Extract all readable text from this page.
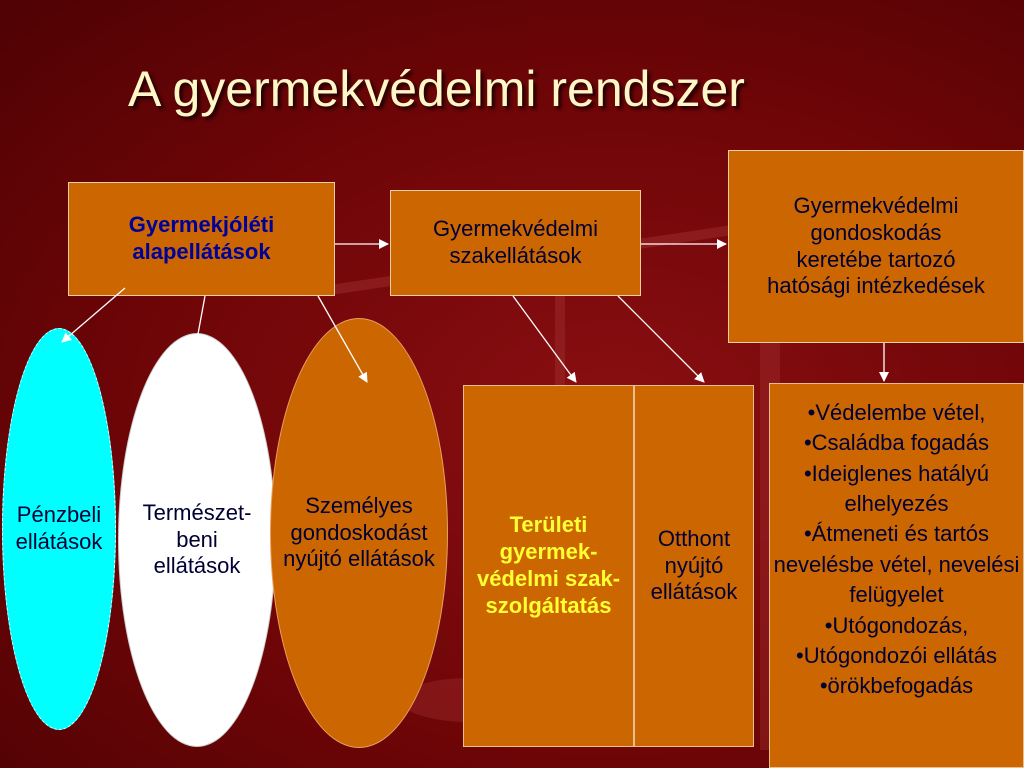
A gyermekvédelmi rendszer
Gyermekjóléti alapellátások
Gyermekvédelmi szakellátások
Gyermekvédelmi gondoskodás keretébe tartozó hatósági intézkedések
Pénzbeli ellátások
Természet-beni ellátások
Személyes gondoskodást nyújtó ellátások
Területi gyermek-védelmi szak-szolgáltatás
Otthont nyújtó ellátások
•Védelembe vétel,
•Családba fogadás
•Ideiglenes hatályú elhelyezés
•Átmeneti és tartós nevelésbe vétel, nevelési felügyelet
•Utógondozás, •Utógondozói ellátás
•örökbefogadás
